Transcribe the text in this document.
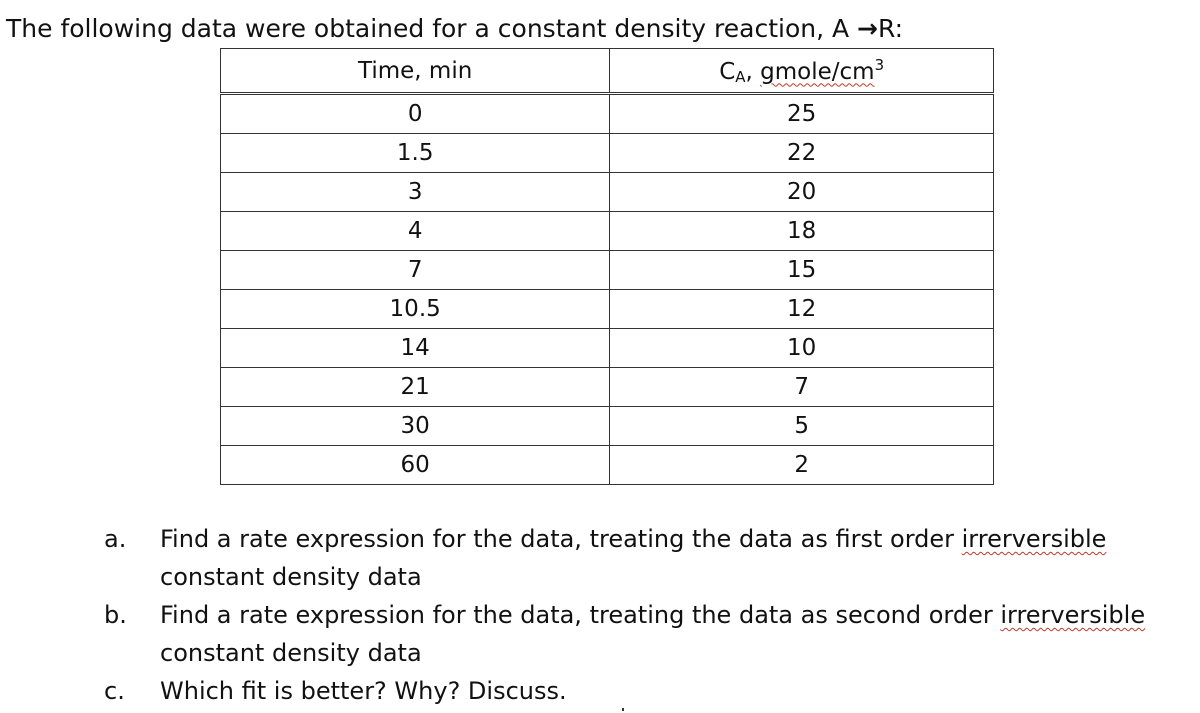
The following data were obtained for a constant density reaction, A →R:
Time, min	$C_A$, gmole/$cm^3$
0	25
1.5	22
3	20
4	18
7	15
10.5	12
14	10
21	7
30	5
60	2
a. Find a rate expression for the data, treating the data as first order irrerversible
constant density data
b. Find a rate expression for the data, treating the data as second order irrerversible
constant density data
c. Which fit is better? Why? Discuss.
